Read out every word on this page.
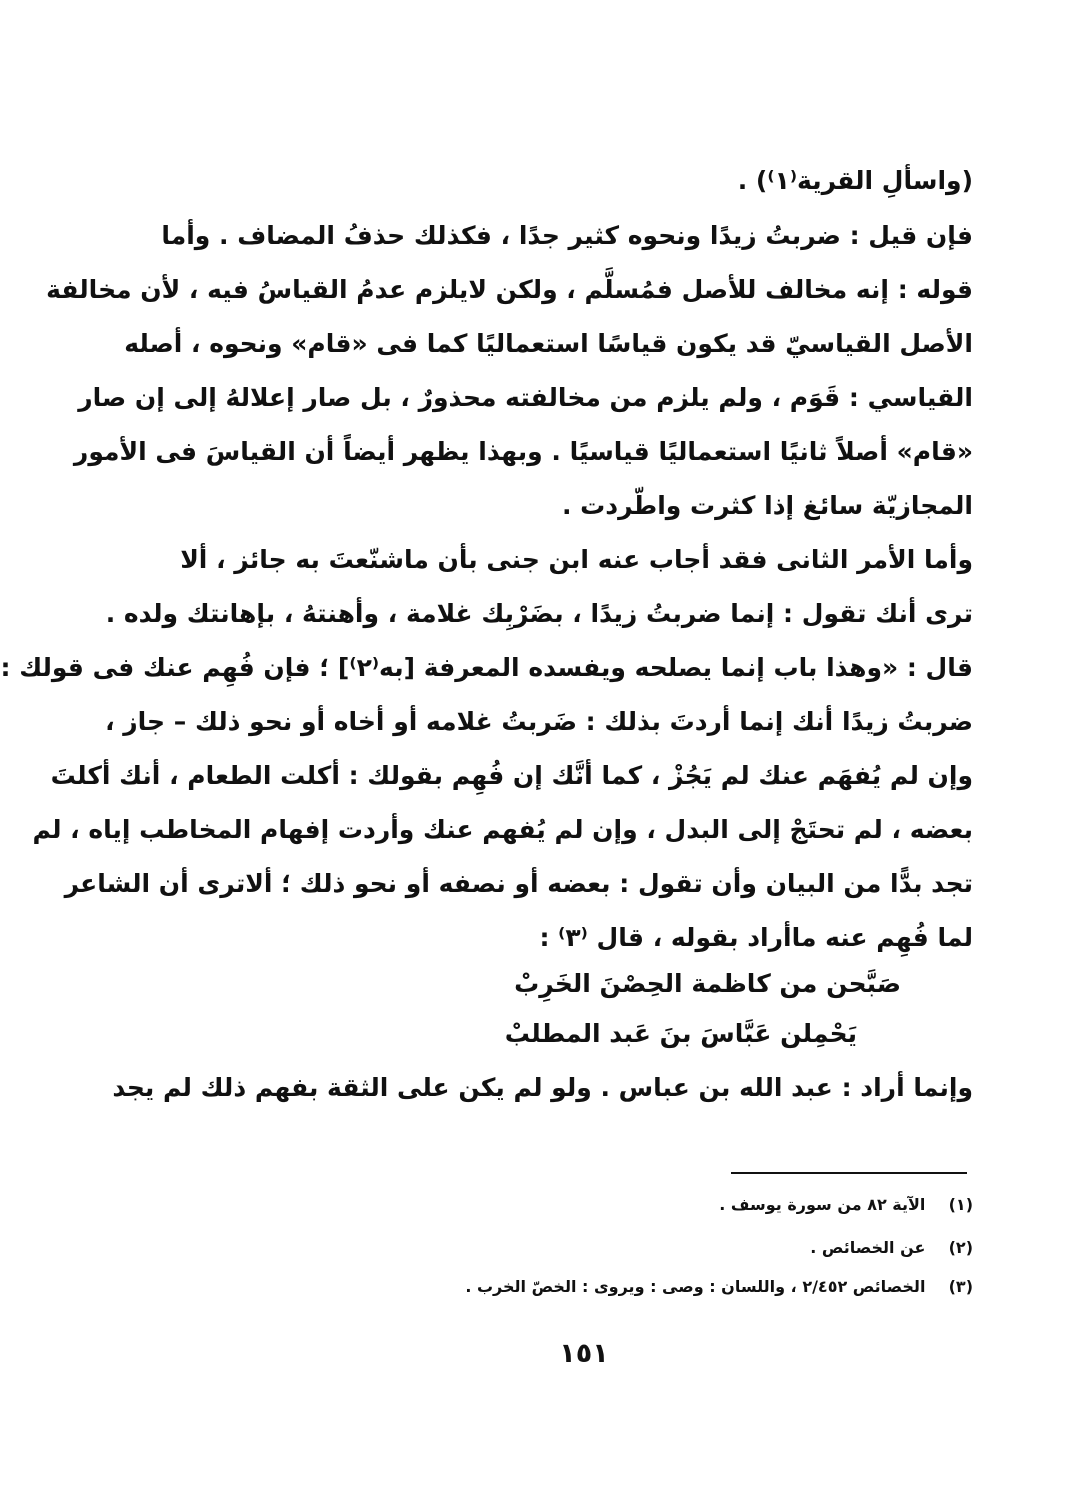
(واسألِ القرية⁽١⁾) .
فإن قيل : ضربتُ زيدًا ونحوه كثير جدًا ، فكذلك حذفُ المضاف . وأما
قوله : إنه مخالف للأصل فمُسلَّم ، ولكن لايلزم عدمُ القياسُ فيه ، لأن مخالفة
الأصل القياسيّ قد يكون قياسًا استعماليًا كما فى «قام» ونحوه ، أصله
القياسي : قَوَم ، ولم يلزم من مخالفته محذورٌ ، بل صار إعلالهُ إلى إن صار
«قام» أصلاً ثانيًا استعماليًا قياسيًا . وبهذا يظهر أيضاً أن القياسَ فى الأمور
المجازيّة سائغ إذا كثرت واطّردت .
وأما الأمر الثانى فقد أجاب عنه ابن جنى بأن ماشنّعتَ به جائز ، ألا
ترى أنك تقول : إنما ضربتُ زيدًا ، بضَرْبِك غلامة ، وأهنتهُ ، بإهانتك ولده .
قال : «وهذا باب إنما يصلحه ويفسده المعرفة [به⁽٢⁾] ؛ فإن فُهِم عنك فى قولك :
ضربتُ زيدًا أنك إنما أردتَ بذلك : ضَربتُ غلامه أو أخاه أو نحو ذلك – جاز ،
وإن لم يُفهَم عنك لم يَجُزْ ، كما أنَّك إن فُهِم بقولك : أكلت الطعام ، أنك أكلتَ
بعضه ، لم تحتَجْ إلى البدل ، وإن لم يُفهم عنك وأردت إفهام المخاطب إياه ، لم
تجد بدًّا من البيان وأن تقول : بعضه أو نصفه أو نحو ذلك ؛ ألاترى أن الشاعر
لما فُهِم عنه ماأراد بقوله ، قال ⁽٣⁾ :
صَبَّحن من كاظمة الحِصْنَ الخَرِبْ
يَحْمِلن عَبَّاسَ بنَ عَبد المطلبْ
وإنما أراد : عبد الله بن عباس . ولو لم يكن على الثقة بفهم ذلك لم يجد
(١) الآية ٨٢ من سورة يوسف .
(٢) عن الخصائص .
(٣) الخصائص ٢/٤٥٢ ، واللسان : وصى : ويروى : الخصّ الخرب .
١٥١
